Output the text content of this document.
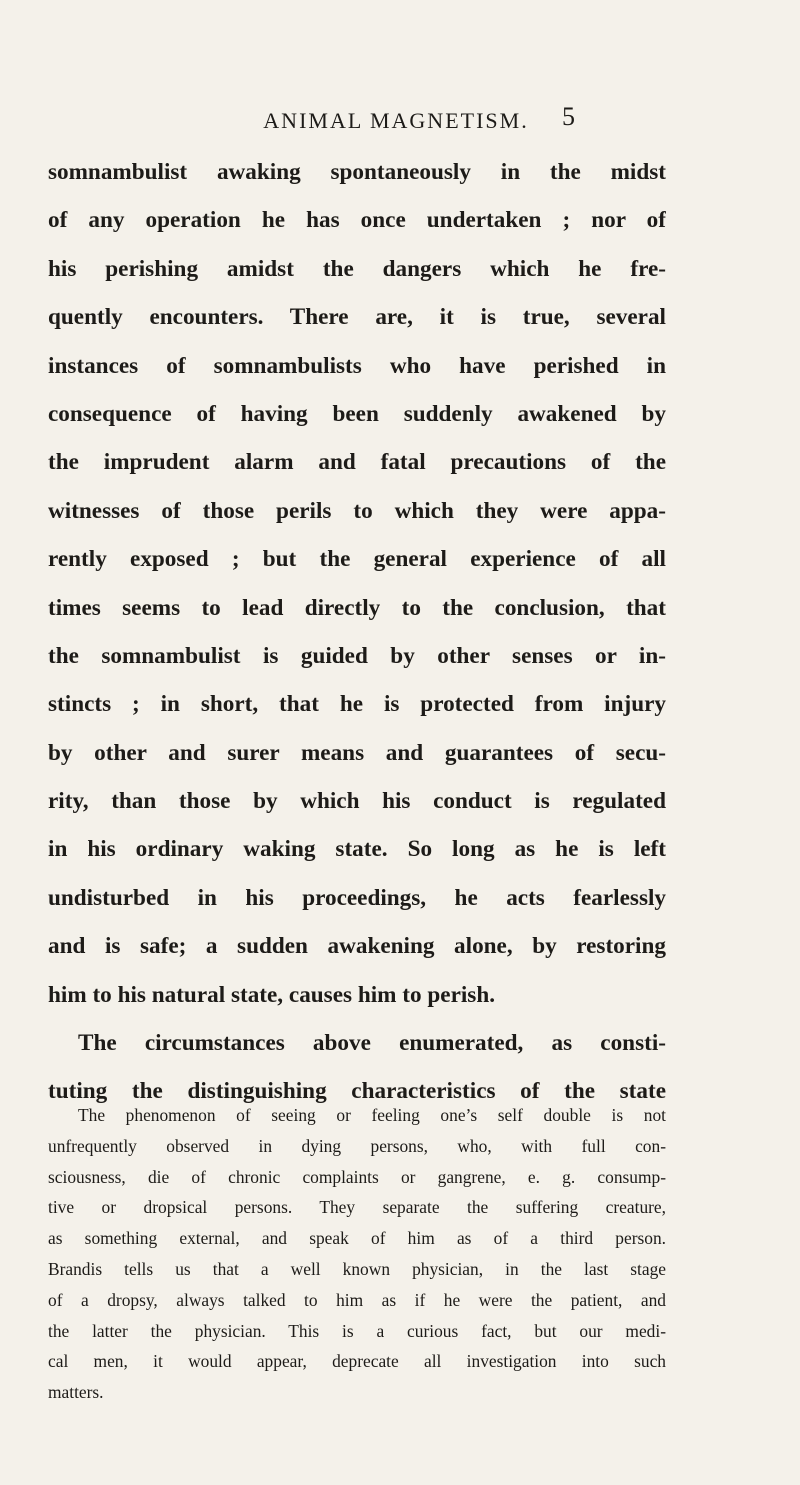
ANIMAL MAGNETISM.	5
somnambulist awaking spontaneously in the midst
of any operation he has once undertaken ; nor of
his perishing amidst the dangers which he fre-
quently encounters. There are, it is true, several
instances of somnambulists who have perished in
consequence of having been suddenly awakened by
the imprudent alarm and fatal precautions of the
witnesses of those perils to which they were appa-
rently exposed ; but the general experience of all
times seems to lead directly to the conclusion, that
the somnambulist is guided by other senses or in-
stincts ; in short, that he is protected from injury
by other and surer means and guarantees of secu-
rity, than those by which his conduct is regulated
in his ordinary waking state. So long as he is left
undisturbed in his proceedings, he acts fearlessly
and is safe; a sudden awakening alone, by restoring
him to his natural state, causes him to perish.
The circumstances above enumerated, as consti-
tuting the distinguishing characteristics of the state
The phenomenon of seeing or feeling one’s self double is not
unfrequently observed in dying persons, who, with full con-
sciousness, die of chronic complaints or gangrene, e. g. consump-
tive or dropsical persons. They separate the suffering creature,
as something external, and speak of him as of a third person.
Brandis tells us that a well known physician, in the last stage
of a dropsy, always talked to him as if he were the patient, and
the latter the physician. This is a curious fact, but our medi-
cal men, it would appear, deprecate all investigation into such
matters.
